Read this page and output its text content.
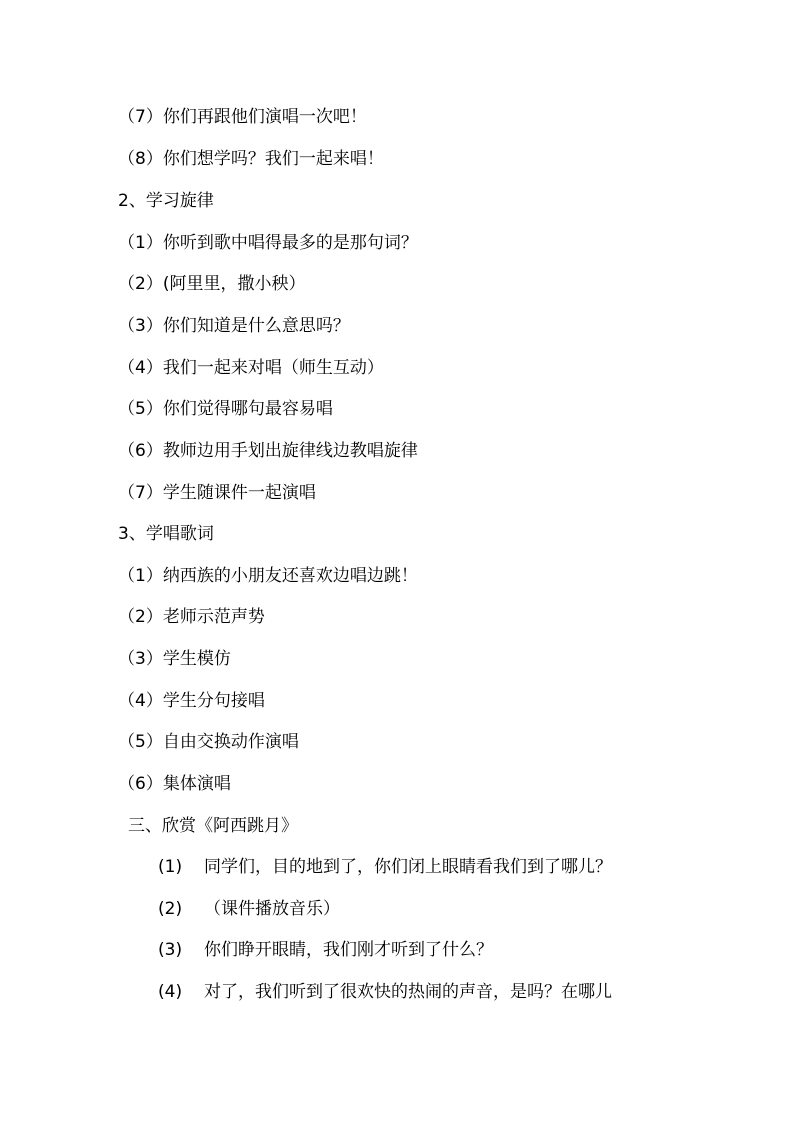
（7）你们再跟他们演唱一次吧！
（8）你们想学吗？我们一起来唱！
2、学习旋律
（1）你听到歌中唱得最多的是那句词？
（2）(阿里里，撒小秧）
（3）你们知道是什么意思吗？
（4）我们一起来对唱（师生互动）
（5）你们觉得哪句最容易唱
（6）教师边用手划出旋律线边教唱旋律
（7）学生随课件一起演唱
3、学唱歌词
（1）纳西族的小朋友还喜欢边唱边跳！
（2）老师示范声势
（3）学生模仿
（4）学生分句接唱
（5）自由交换动作演唱
（6）集体演唱
三、欣赏《阿西跳月》
(1) 同学们，目的地到了，你们闭上眼睛看我们到了哪儿？
(2) （课件播放音乐）
(3) 你们睁开眼睛，我们刚才听到了什么？
(4) 对了，我们听到了很欢快的热闹的声音，是吗？在哪儿
